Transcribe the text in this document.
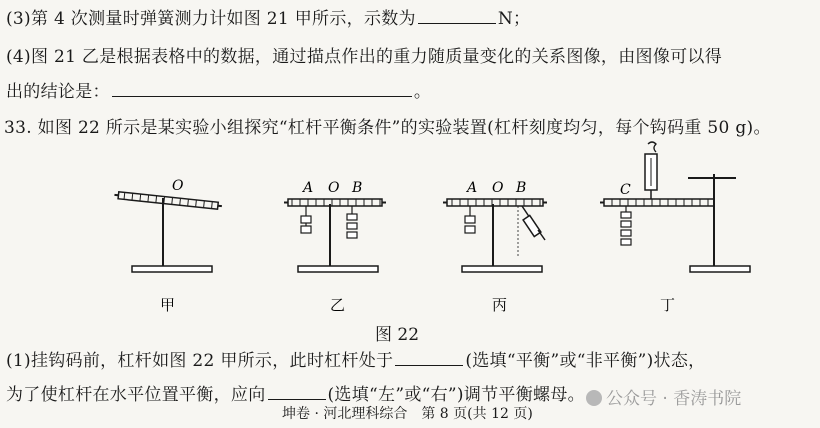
(3)第 4 次测量时弹簧测力计如图 21 甲所示，示数为	N；
(4)图 21 乙是根据表格中的数据，通过描点作出的重力随质量变化的关系图像，由图像可以得
出的结论是：	。
33. 如图 22 所示是某实验小组探究“杠杆平衡条件”的实验装置(杠杆刻度均匀，每个钩码重 50 g)。
O
甲
A O B
乙
A O B
丙
C
丁
图 22
(1)挂钩码前，杠杆如图 22 甲所示，此时杠杆处于	(选填“平衡”或“非平衡”)状态，
为了使杠杆在水平位置平衡，应向	(选填“左”或“右”)调节平衡螺母。	公众号 · 香涛书院
坤卷 · 河北理科综合　第 8 页(共 12 页)
